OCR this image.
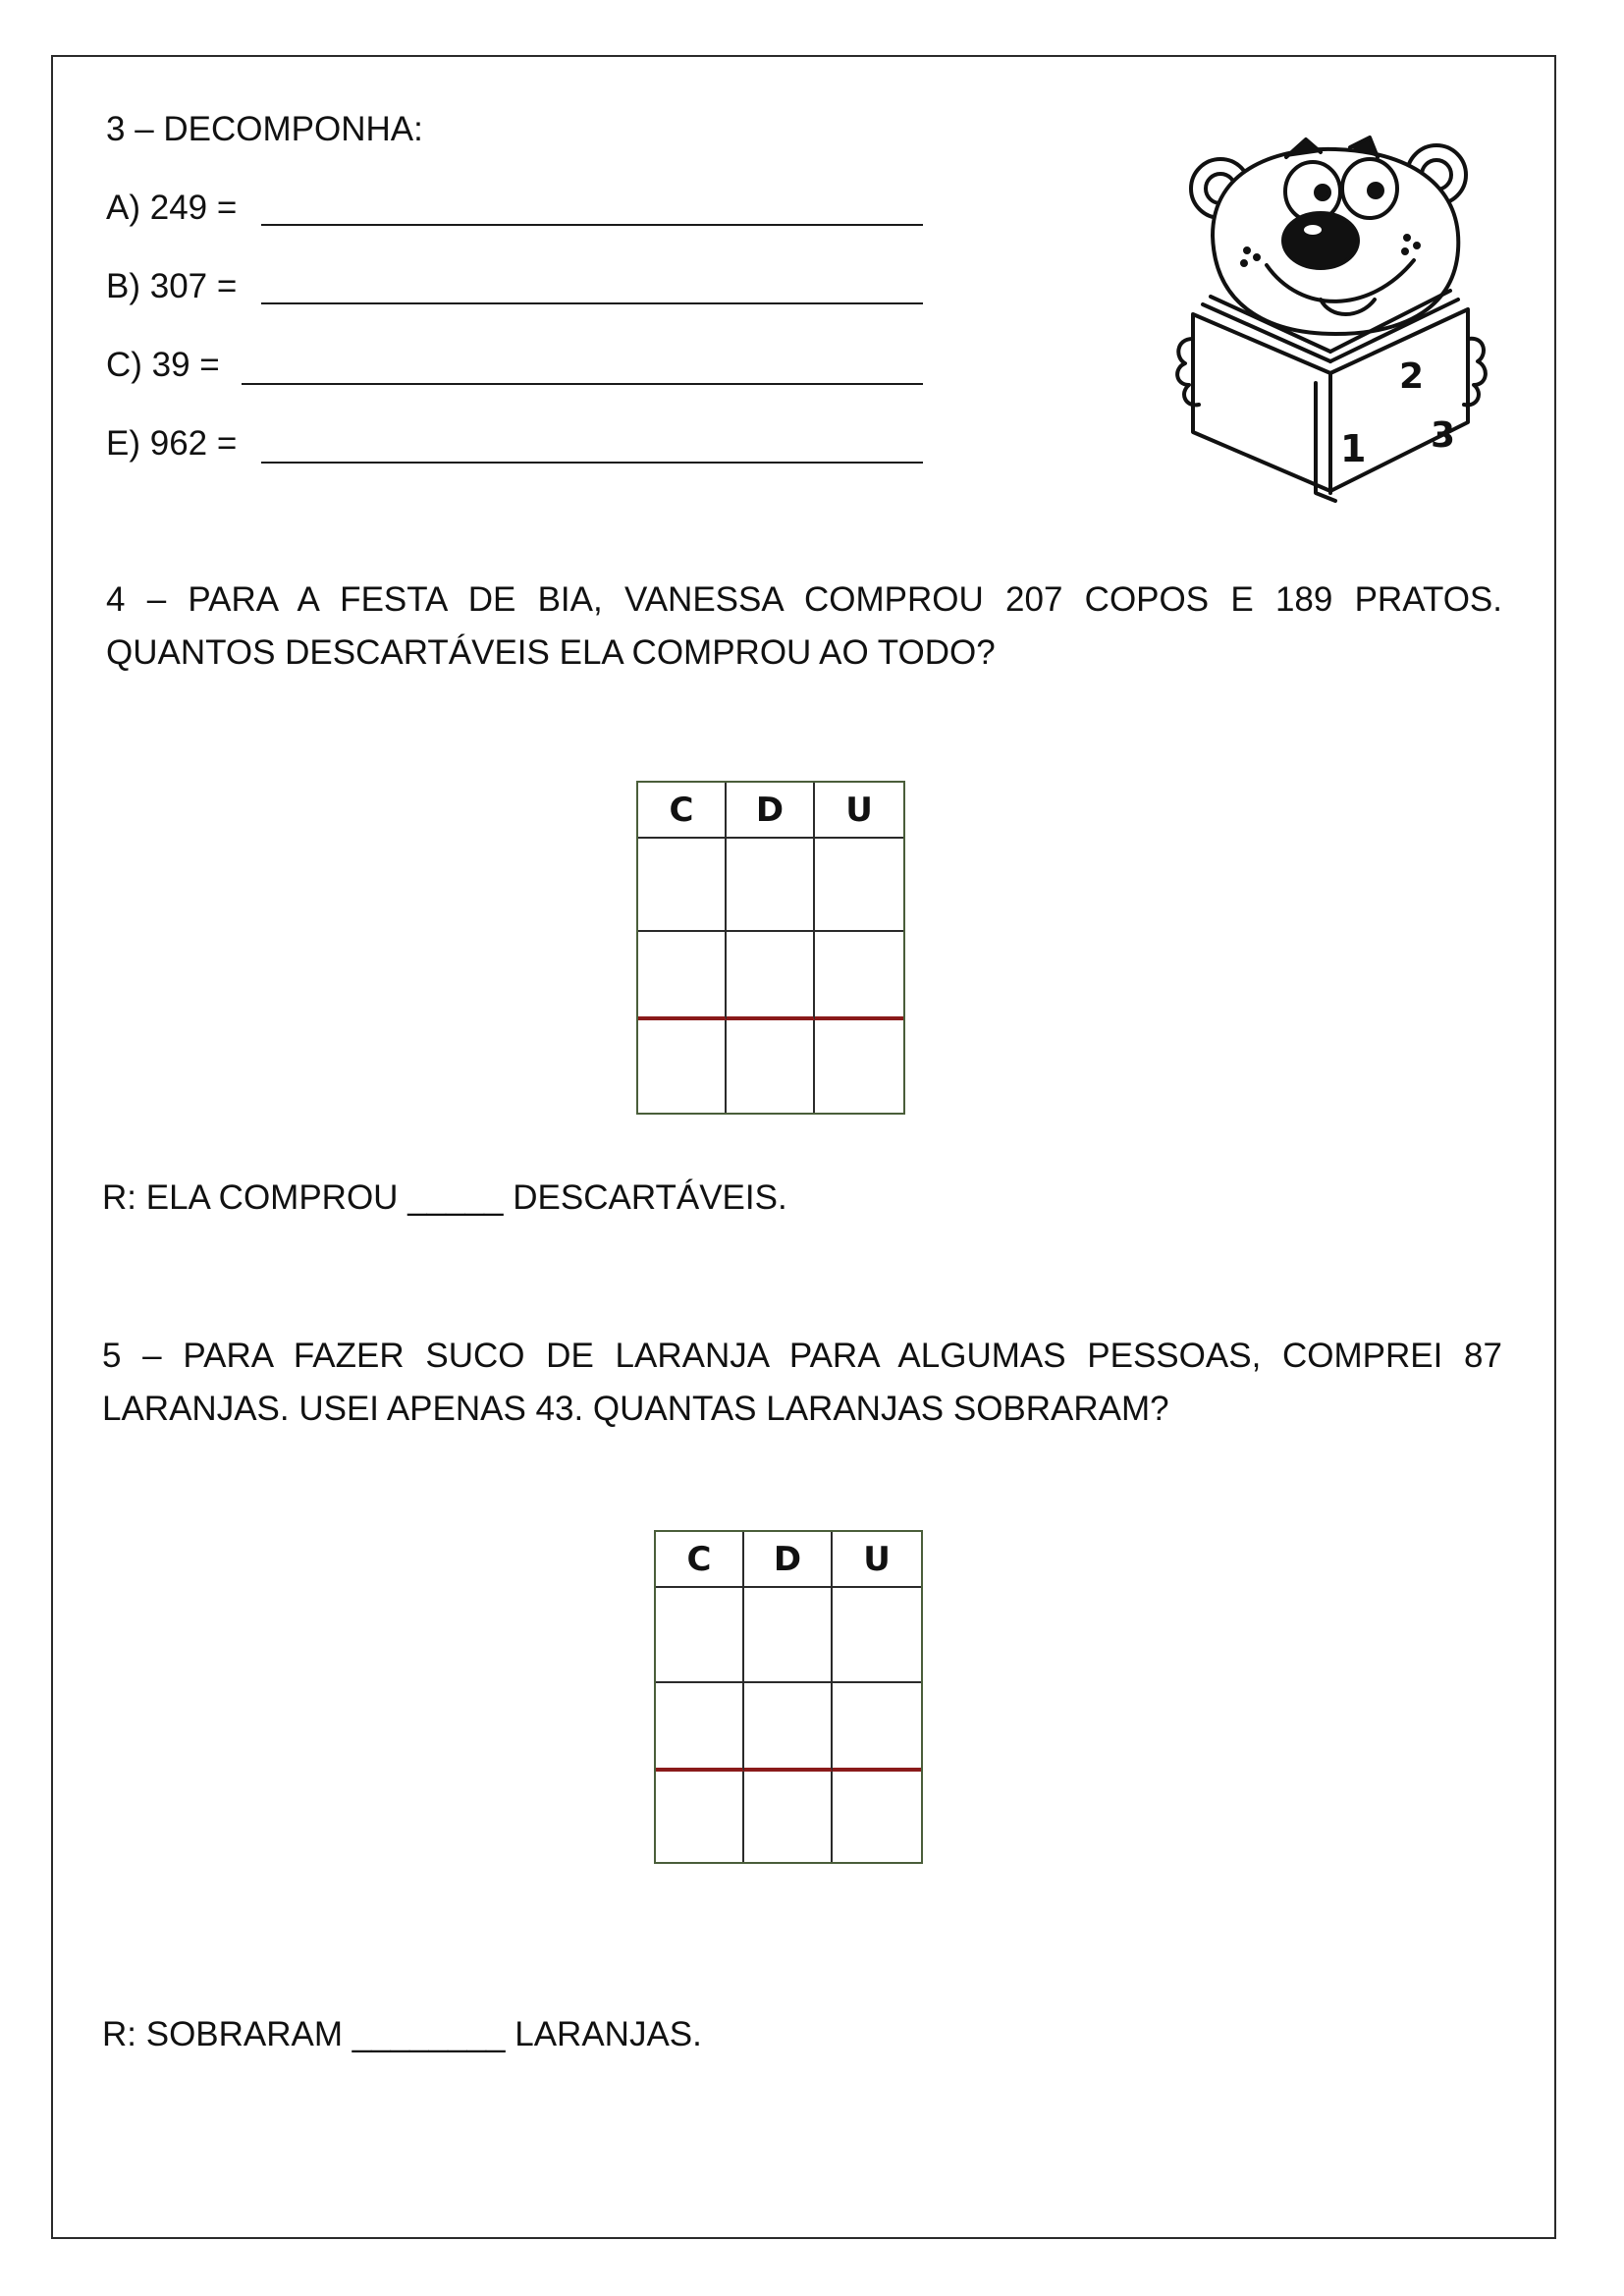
3 – DECOMPONHA:
A) 249 =
B) 307 =
C) 39 =
E) 962 =
2
1 3
4 – PARA A FESTA DE BIA, VANESSA COMPROU 207 COPOS E 189 PRATOS. QUANTOS DESCARTÁVEIS ELA COMPROU AO TODO?
C	D	U
R: ELA COMPROU _____ DESCARTÁVEIS.
5 – PARA FAZER SUCO DE LARANJA PARA ALGUMAS PESSOAS, COMPREI 87 LARANJAS. USEI APENAS 43. QUANTAS LARANJAS SOBRARAM?
C	D	U
R: SOBRARAM ________ LARANJAS.
